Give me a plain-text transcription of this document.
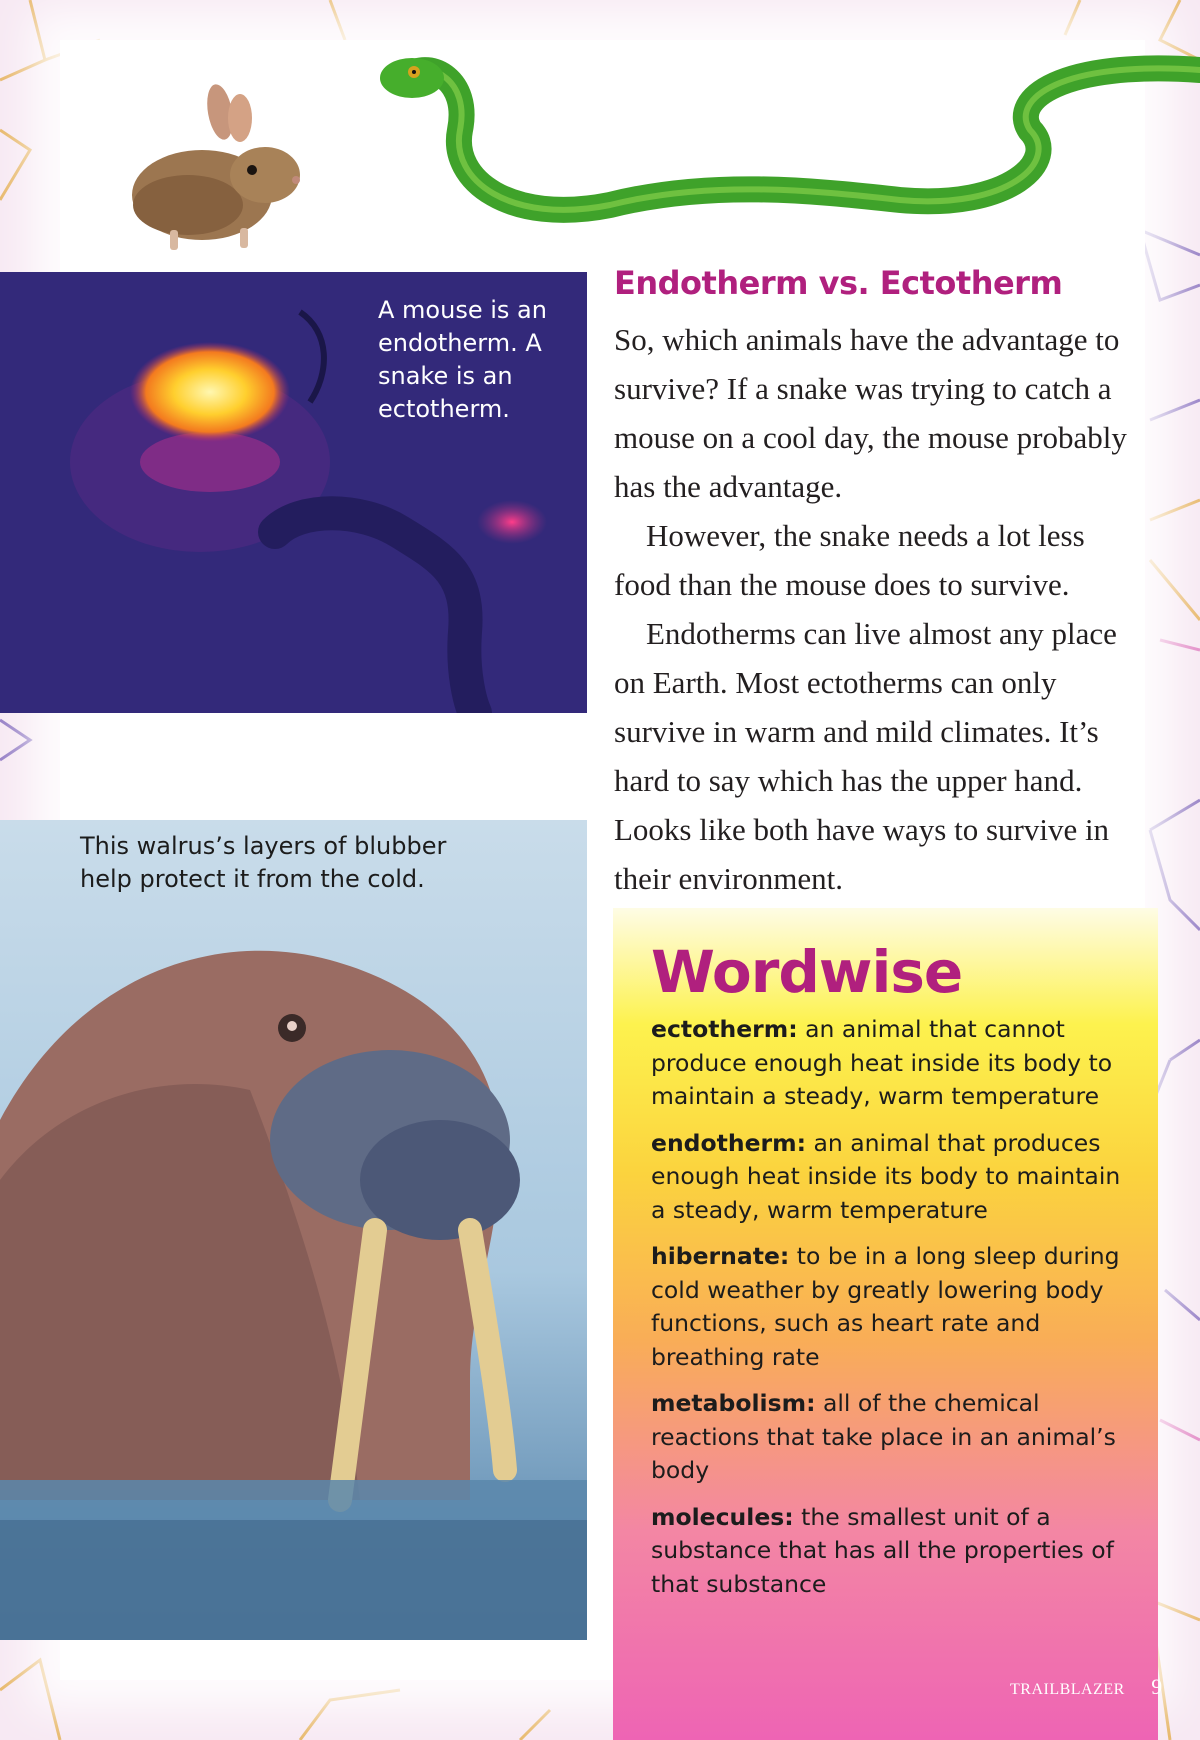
A mouse is an endotherm. A snake is an ectotherm.

This walrus’s layers of blubber help protect it from the cold.

Endotherm vs. Ectotherm

So, which animals have the advantage to survive? If a snake was trying to catch a mouse on a cool day, the mouse probably has the advantage.

However, the snake needs a lot less food than the mouse does to survive.

Endotherms can live almost any place on Earth. Most ectotherms can only survive in warm and mild climates. It’s hard to say which has the upper hand. Looks like both have ways to survive in their environment.

Wordwise

ectotherm: an animal that cannot produce enough heat inside its body to maintain a steady, warm temperature

endotherm: an animal that produces enough heat inside its body to maintain a steady, warm temperature

hibernate: to be in a long sleep during cold weather by greatly lowering body functions, such as heart rate and breathing rate

metabolism: all of the chemical reactions that take place in an animal’s body

molecules: the smallest unit of a substance that has all the properties of that substance

TRAILBLAZER 9
